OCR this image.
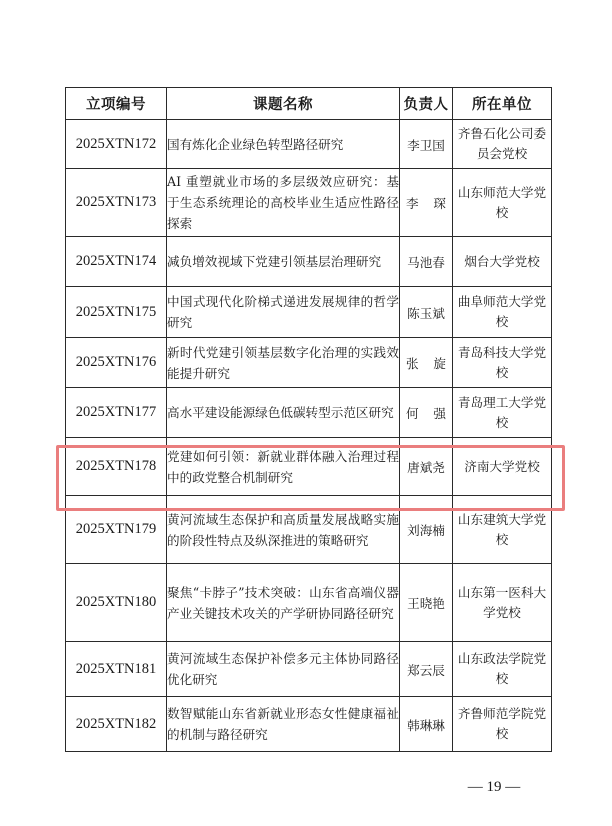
立项编号	课题名称	负责人	所在单位
2025XTN172	国有炼化企业绿色转型路径研究	李卫国	齐鲁石化公司委员会党校
2025XTN173	AI 重塑就业市场的多层级效应研究：基于生态系统理论的高校毕业生适应性路径探索	李 琛	山东师范大学党校
2025XTN174	减负增效视域下党建引领基层治理研究	马池春	烟台大学党校
2025XTN175	中国式现代化阶梯式递进发展规律的哲学研究	陈玉斌	曲阜师范大学党校
2025XTN176	新时代党建引领基层数字化治理的实践效能提升研究	张 旋	青岛科技大学党校
2025XTN177	高水平建设能源绿色低碳转型示范区研究	何 强	青岛理工大学党校
2025XTN178	党建如何引领：新就业群体融入治理过程中的政党整合机制研究	唐斌尧	济南大学党校
2025XTN179	黄河流域生态保护和高质量发展战略实施的阶段性特点及纵深推进的策略研究	刘海楠	山东建筑大学党校
2025XTN180	聚焦“卡脖子”技术突破：山东省高端仪器产业关键技术攻关的产学研协同路径研究	王晓艳	山东第一医科大学党校
2025XTN181	黄河流域生态保护补偿多元主体协同路径优化研究	郑云辰	山东政法学院党校
2025XTN182	数智赋能山东省新就业形态女性健康福祉的机制与路径研究	韩琳琳	齐鲁师范学院党校
— 19 —
